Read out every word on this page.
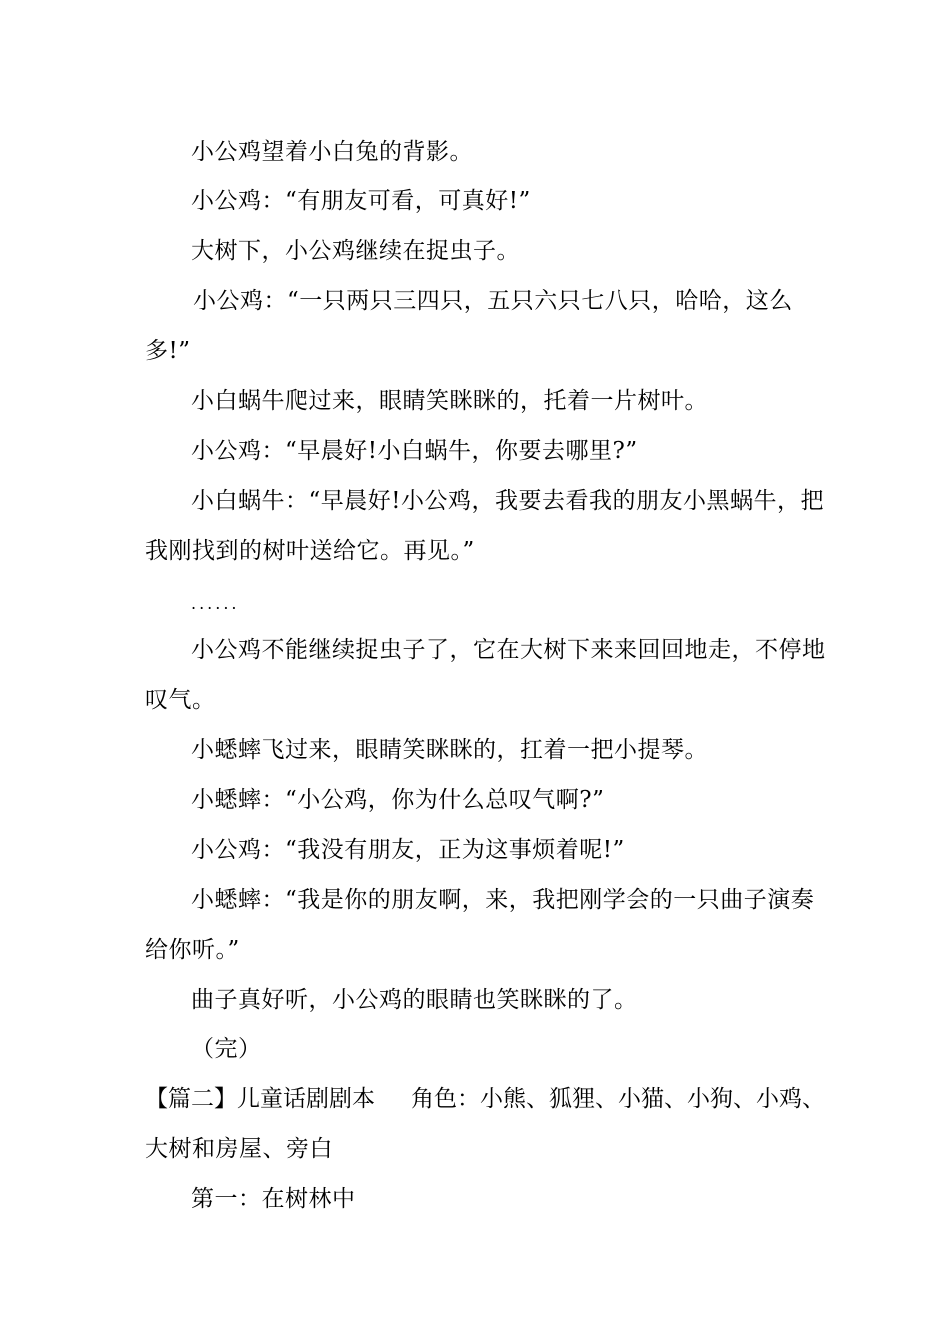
小公鸡望着小白兔的背影。
小公鸡：“有朋友可看，可真好!”
大树下，小公鸡继续在捉虫子。
小公鸡：“一只两只三四只，五只六只七八只，哈哈，这么
多!”
小白蜗牛爬过来，眼睛笑眯眯的，托着一片树叶。
小公鸡：“早晨好!小白蜗牛，你要去哪里?”
小白蜗牛：“早晨好!小公鸡，我要去看我的朋友小黑蜗牛，把
我刚找到的树叶送给它。再见。”
......
小公鸡不能继续捉虫子了，它在大树下来来回回地走，不停地
叹气。
小蟋蟀飞过来，眼睛笑眯眯的，扛着一把小提琴。
小蟋蟀：“小公鸡，你为什么总叹气啊?”
小公鸡：“我没有朋友，正为这事烦着呢!”
小蟋蟀：“我是你的朋友啊，来，我把刚学会的一只曲子演奏
给你听。”
曲子真好听，小公鸡的眼睛也笑眯眯的了。
（完）
【篇二】儿童话剧剧本 角色：小熊、狐狸、小猫、小狗、小鸡、
大树和房屋、旁白
第一：在树林中
